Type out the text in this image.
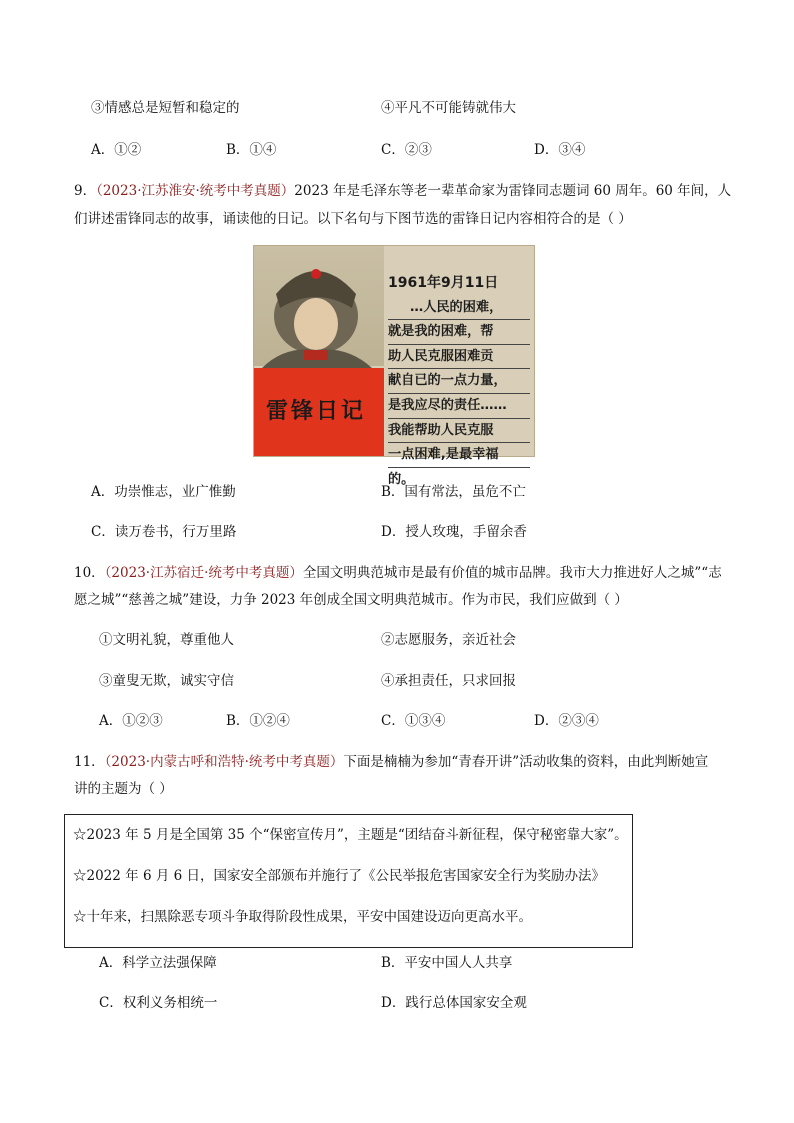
③情感总是短暂和稳定的	④平凡不可能铸就伟大
A．①②	B．①④	C．②③	D．③④
9．（2023·江苏淮安·统考中考真题）2023 年是毛泽东等老一辈革命家为雷锋同志题词 60 周年。60 年间，人
们讲述雷锋同志的故事，诵读他的日记。以下名句与下图节选的雷锋日记内容相符合的是（ ）
雷锋日记
1961年9月11日
…人民的困难，
就是我的困难，帮
助人民克服困难贡
献自已的一点力量，
是我应尽的责任……
我能帮助人民克服
一点困难,是最幸福
的。
A．功崇惟志，业广惟勤	B．国有常法，虽危不亡
C．读万卷书，行万里路	D．授人玫瑰，手留余香
10．（2023·江苏宿迁·统考中考真题）全国文明典范城市是最有价值的城市品牌。我市大力推进好人之城”“志
愿之城”“慈善之城”建设，力争 2023 年创成全国文明典范城市。作为市民，我们应做到（ ）
①文明礼貌，尊重他人	②志愿服务，亲近社会
③童叟无欺，诚实守信	④承担责任，只求回报
A．①②③	B．①②④	C．①③④	D．②③④
11．（2023·内蒙古呼和浩特·统考中考真题）下面是楠楠为参加“青春开讲”活动收集的资料，由此判断她宣
讲的主题为（ ）
☆2023 年 5 月是全国第 35 个“保密宣传月”，主题是“团结奋斗新征程，保守秘密靠大家”。
☆2022 年 6 月 6 日，国家安全部颁布并施行了《公民举报危害国家安全行为奖励办法》
☆十年来，扫黑除恶专项斗争取得阶段性成果，平安中国建设迈向更高水平。
A．科学立法强保障	B．平安中国人人共享
C．权利义务相统一	D．践行总体国家安全观
